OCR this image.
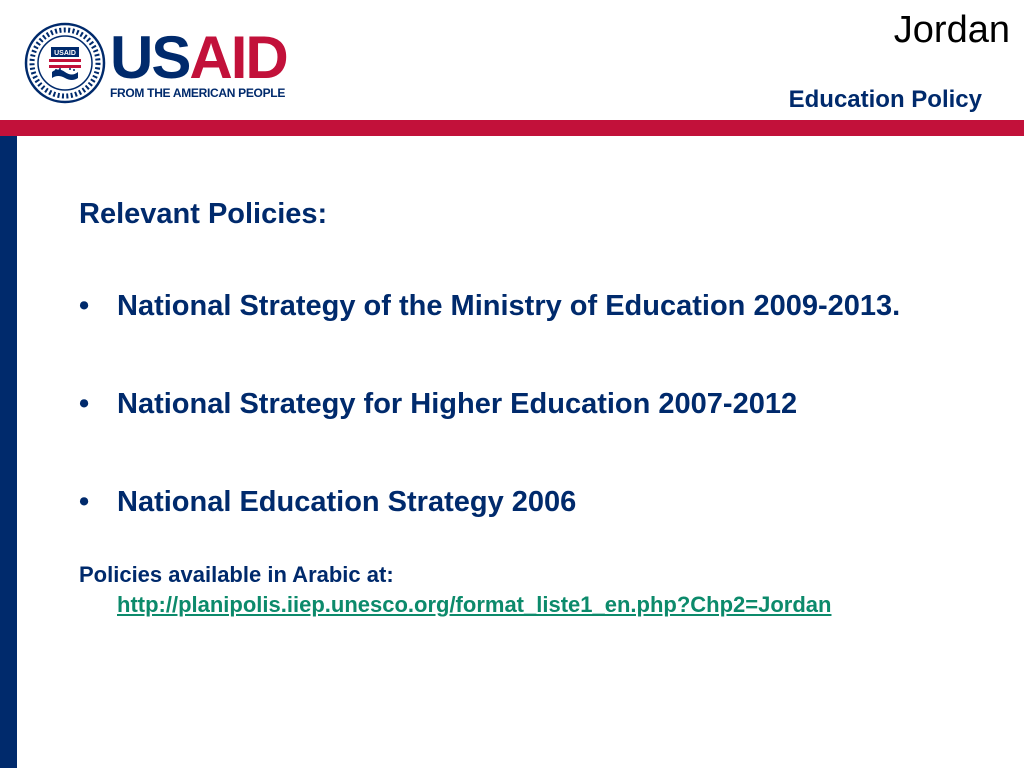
USAID USAID
FROM THE AMERICAN PEOPLE
Jordan
Education Policy
Relevant Policies:
• National Strategy of the Ministry of Education 2009-2013.
• National Strategy for Higher Education 2007-2012
• National Education Strategy 2006
Policies available in Arabic at:
http://planipolis.iiep.unesco.org/format_liste1_en.php?Chp2=Jordan
